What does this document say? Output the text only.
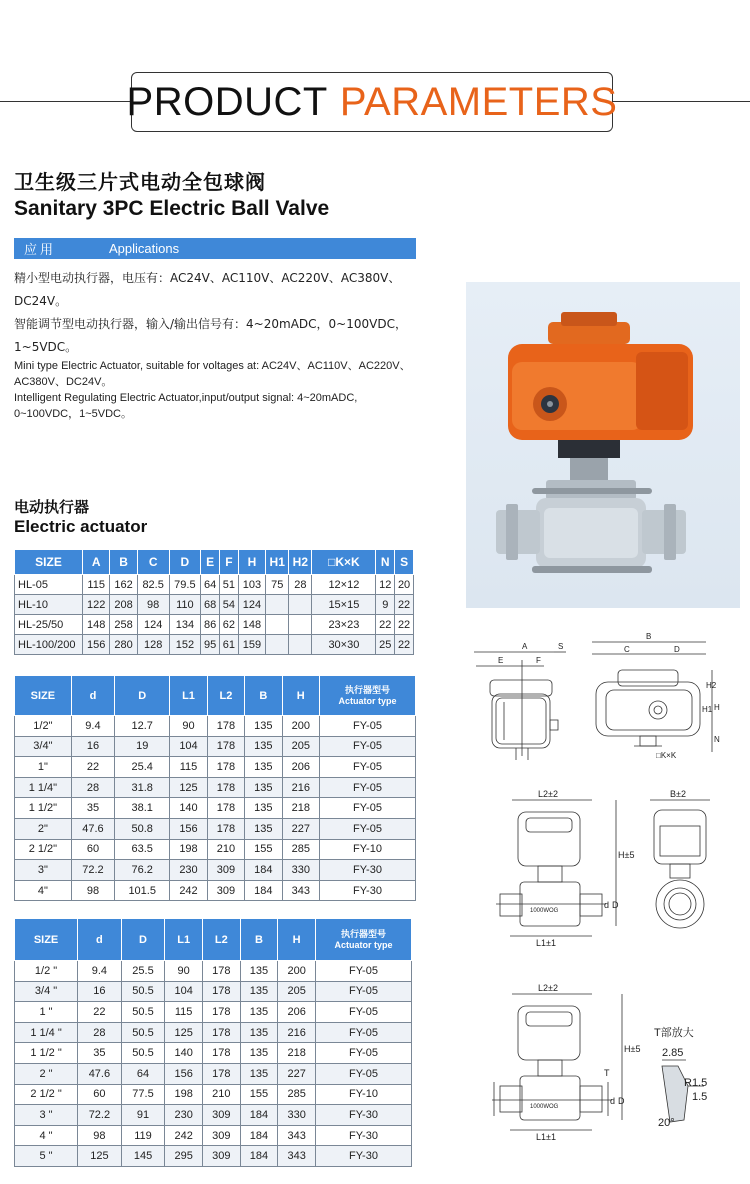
PRODUCT PARAMETERS
卫生级三片式电动全包球阀
Sanitary 3PC Electric Ball Valve
应用	Applications
精小型电动执行器，电压有：AC24V、AC110V、AC220V、AC380V、
DC24V。
智能调节型电动执行器，输入/输出信号有：4~20mADC，0~100VDC，
1~5VDC。
Mini type Electric Actuator, suitable for voltages at: AC24V、AC110V、AC220V、
AC380V、DC24V。
Intelligent Regulating Electric Actuator,input/output signal: 4~20mADC,
0~100VDC，1~5VDC。
电动执行器
Electric actuator
SIZE	A	B	C	D	E	F	H	H1	H2	□K×K	N	S
HL-05	115	162	82.5	79.5	64	51	103	75	28	12×12	12	20
HL-10	122	208	98	110	68	54	124			15×15	9	22
HL-25/50	148	258	124	134	86	62	148			23×23	22	22
HL-100/200	156	280	128	152	95	61	159			30×30	25	22
SIZE	d	D	L1	L2	B	H	执行器型号
Actuator type

1/2"	9.4	12.7	90	178	135	200	FY-05
3/4"	16	19	104	178	135	205	FY-05
1"	22	25.4	115	178	135	206	FY-05
1 1/4"	28	31.8	125	178	135	216	FY-05
1 1/2"	35	38.1	140	178	135	218	FY-05
2"	47.6	50.8	156	178	135	227	FY-05
2 1/2"	60	63.5	198	210	155	285	FY-10
3"	72.2	76.2	230	309	184	330	FY-30
4"	98	101.5	242	309	184	343	FY-30
SIZE	d	D	L1	L2	B	H	执行器型号
Actuator type

1/2 "	9.4	25.5	90	178	135	200	FY-05
3/4 "	16	50.5	104	178	135	205	FY-05
1 "	22	50.5	115	178	135	206	FY-05
1 1/4 "	28	50.5	125	178	135	216	FY-05
1 1/2 "	35	50.5	140	178	135	218	FY-05
2 "	47.6	64	156	178	135	227	FY-05
2 1/2 "	60	77.5	198	210	155	285	FY-10
3 "	72.2	91	230	309	184	330	FY-30
4 "	98	119	242	309	184	343	FY-30
5 "	125	145	295	309	184	343	FY-30
A	S
E	F
B
C	D
H
H2
H1
N
□K×K
L2±2
H±5
d D
L1±1
1000WOG
B±2
L2±2
H±5
T
d D
L1±1
1000WOG
T部放大
2.85
R1.5
1.5
20°
